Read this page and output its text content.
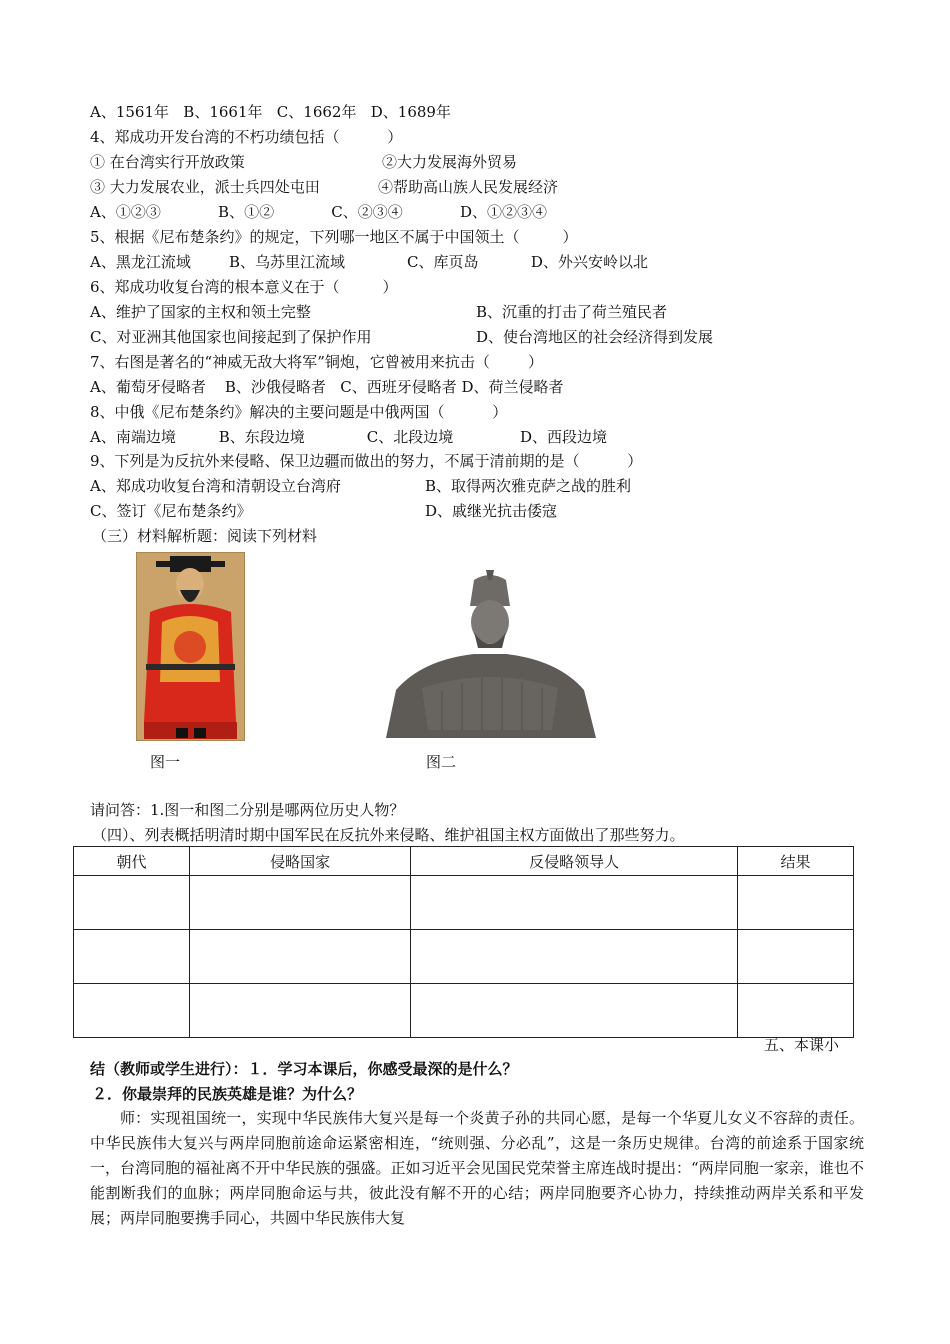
A、1561年   B、1661年   C、1662年   D、1689年
4、郑成功开发台湾的不朽功绩包括（          ）
① 在台湾实行开放政策	②大力发展海外贸易
③ 大力发展农业，派士兵四处屯田	④帮助高山族人民发展经济
A、①②③            B、①②            C、②③④            D、①②③④
5、根据《尼布楚条约》的规定，下列哪一地区不属于中国领土（         ）
A、黑龙江流域        B、乌苏里江流域             C、库页岛           D、外兴安岭以北
6、郑成功收复台湾的根本意义在于（         ）
A、维护了国家的主权和领土完整	B、沉重的打击了荷兰殖民者
C、对亚洲其他国家也间接起到了保护作用	D、使台湾地区的社会经济得到发展
7、右图是著名的“神威无敌大将军”铜炮，它曾被用来抗击（        ）
A、葡萄牙侵略者    B、沙俄侵略者   C、西班牙侵略者 D、荷兰侵略者
8、中俄《尼布楚条约》解决的主要问题是中俄两国（          ）
A、南端边境         B、东段边境             C、北段边境              D、西段边境
9、下列是为反抗外来侵略、保卫边疆而做出的努力，不属于清前期的是（          ）
A、郑成功收复台湾和清朝设立台湾府	B、取得两次雅克萨之战的胜利
C、签订《尼布楚条约》	D、戚继光抗击倭寇
（三）材料解析题：阅读下列材料
图一	图二
请问答：1.图一和图二分别是哪两位历史人物？
（四）、列表概括明清时期中国军民在反抗外来侵略、维护祖国主权方面做出了那些努力。
朝代	侵略国家	反侵略领导人	结果

五、本课小
结（教师或学生进行）：１．学习本课后，你感受最深的是什么？
２．你最崇拜的民族英雄是谁？为什么？

师：实现祖国统一，实现中华民族伟大复兴是每一个炎黄子孙的共同心愿，是每一个华夏儿女义不容辞的责任。中华民族伟大复兴与两岸同胞前途命运紧密相连，“统则强、分必乱”，这是一条历史规律。台湾的前途系于国家统一，台湾同胞的福祉离不开中华民族的强盛。正如习近平会见国民党荣誉主席连战时提出：“两岸同胞一家亲，谁也不能割断我们的血脉；两岸同胞命运与共，彼此没有解不开的心结；两岸同胞要齐心协力，持续推动两岸关系和平发展；两岸同胞要携手同心，共圆中华民族伟大复
